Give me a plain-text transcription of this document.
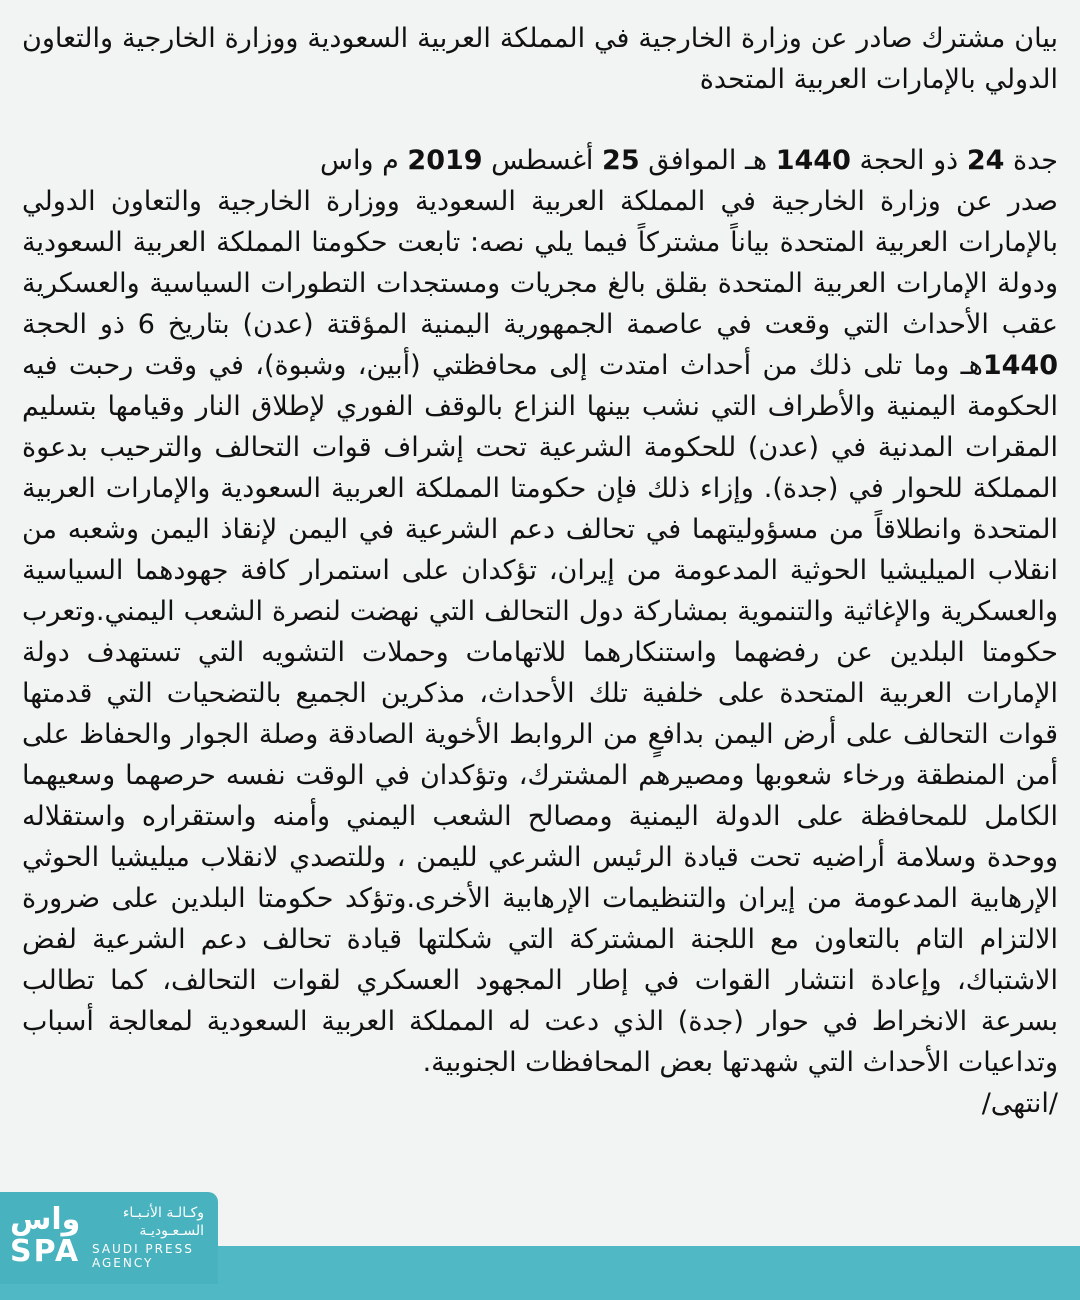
بيان مشترك صادر عن وزارة الخارجية في المملكة العربية السعودية ووزارة الخارجية والتعاون الدولي بالإمارات العربية المتحدة

جدة 24 ذو الحجة 1440 هـ الموافق 25 أغسطس 2019 م واس

صدر عن وزارة الخارجية في المملكة العربية السعودية ووزارة الخارجية والتعاون الدولي بالإمارات العربية المتحدة بياناً مشتركاً فيما يلي نصه: تابعت حكومتا المملكة العربية السعودية ودولة الإمارات العربية المتحدة بقلق بالغ مجريات ومستجدات التطورات السياسية والعسكرية عقب الأحداث التي وقعت في عاصمة الجمهورية اليمنية المؤقتة (عدن) بتاريخ 6 ذو الحجة 1440هـ وما تلى ذلك من أحداث امتدت إلى محافظتي (أبين، وشبوة)، في وقت رحبت فيه الحكومة اليمنية والأطراف التي نشب بينها النزاع بالوقف الفوري لإطلاق النار وقيامها بتسليم المقرات المدنية في (عدن) للحكومة الشرعية تحت إشراف قوات التحالف والترحيب بدعوة المملكة للحوار في (جدة). وإزاء ذلك فإن حكومتا المملكة العربية السعودية والإمارات العربية المتحدة وانطلاقاً من مسؤوليتهما في تحالف دعم الشرعية في اليمن لإنقاذ اليمن وشعبه من انقلاب الميليشيا الحوثية المدعومة من إيران، تؤكدان على استمرار كافة جهودهما السياسية والعسكرية والإغاثية والتنموية بمشاركة دول التحالف التي نهضت لنصرة الشعب اليمني.وتعرب حكومتا البلدين عن رفضهما واستنكارهما للاتهامات وحملات التشويه التي تستهدف دولة الإمارات العربية المتحدة على خلفية تلك الأحداث، مذكرين الجميع بالتضحيات التي قدمتها قوات التحالف على أرض اليمن بدافعٍ من الروابط الأخوية الصادقة وصلة الجوار والحفاظ على أمن المنطقة ورخاء شعوبها ومصيرهم المشترك، وتؤكدان في الوقت نفسه حرصهما وسعيهما الكامل للمحافظة على الدولة اليمنية ومصالح الشعب اليمني وأمنه واستقراره واستقلاله ووحدة وسلامة أراضيه تحت قيادة الرئيس الشرعي لليمن ، وللتصدي لانقلاب ميليشيا الحوثي الإرهابية المدعومة من إيران والتنظيمات الإرهابية الأخرى.وتؤكد حكومتا البلدين على ضرورة الالتزام التام بالتعاون مع اللجنة المشتركة التي شكلتها قيادة تحالف دعم الشرعية لفض الاشتباك، وإعادة انتشار القوات في إطار المجهود العسكري لقوات التحالف، كما تطالب بسرعة الانخراط في حوار (جدة) الذي دعت له المملكة العربية السعودية لمعالجة أسباب وتداعيات الأحداث التي شهدتها بعض المحافظات الجنوبية.

/انتهى/

واس
SPA
وكـالـة الأنـبـاء السـعـوديـة
SAUDI PRESS
AGENCY
